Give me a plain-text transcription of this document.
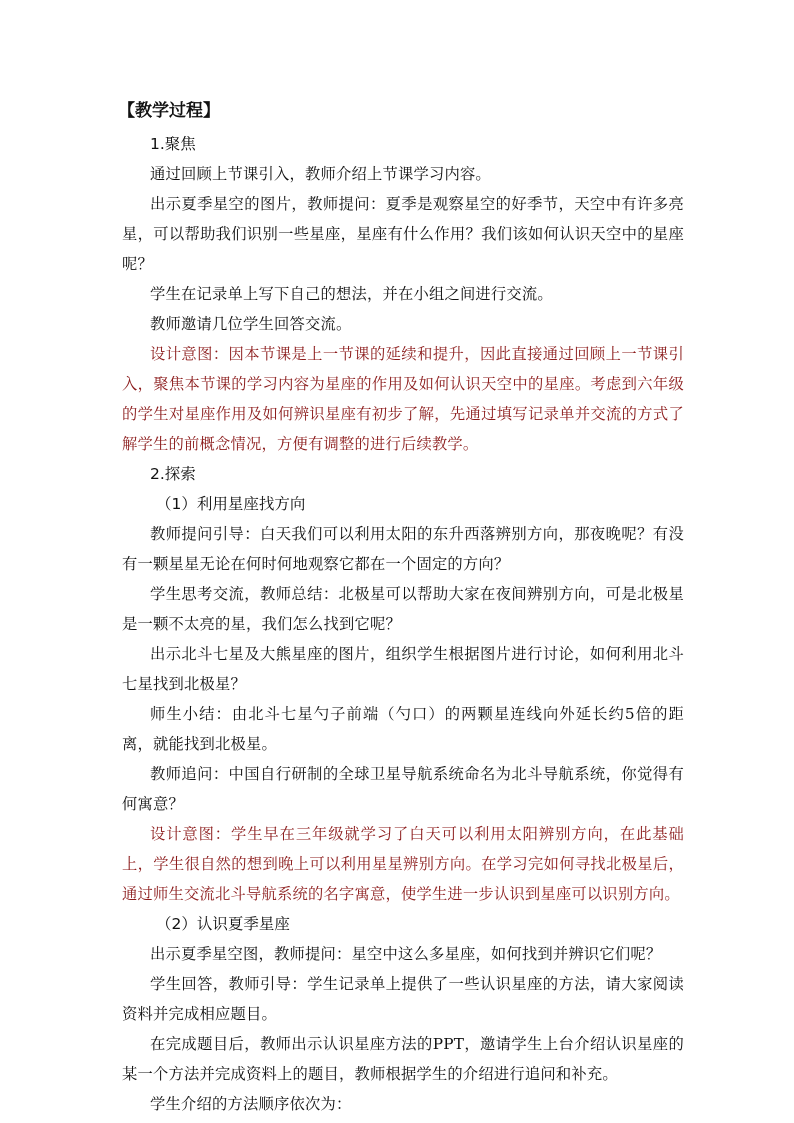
【教学过程】
1.聚焦

通过回顾上节课引入，教师介绍上节课学习内容。

出示夏季星空的图片，教师提问：夏季是观察星空的好季节，天空中有许多亮星，可以帮助我们识别一些星座，星座有什么作用？我们该如何认识天空中的星座呢？

学生在记录单上写下自己的想法，并在小组之间进行交流。

教师邀请几位学生回答交流。

设计意图：因本节课是上一节课的延续和提升，因此直接通过回顾上一节课引入，聚焦本节课的学习内容为星座的作用及如何认识天空中的星座。考虑到六年级的学生对星座作用及如何辨识星座有初步了解，先通过填写记录单并交流的方式了解学生的前概念情况，方便有调整的进行后续教学。

2.探索
（1）利用星座找方向

教师提问引导：白天我们可以利用太阳的东升西落辨别方向，那夜晚呢？有没有一颗星星无论在何时何地观察它都在一个固定的方向？

学生思考交流，教师总结：北极星可以帮助大家在夜间辨别方向，可是北极星是一颗不太亮的星，我们怎么找到它呢？

出示北斗七星及大熊星座的图片，组织学生根据图片进行讨论，如何利用北斗七星找到北极星？

师生小结：由北斗七星勺子前端（勺口）的两颗星连线向外延长约5倍的距离，就能找到北极星。

教师追问：中国自行研制的全球卫星导航系统命名为北斗导航系统，你觉得有何寓意？

设计意图：学生早在三年级就学习了白天可以利用太阳辨别方向，在此基础上，学生很自然的想到晚上可以利用星星辨别方向。在学习完如何寻找北极星后，通过师生交流北斗导航系统的名字寓意，使学生进一步认识到星座可以识别方向。

（2）认识夏季星座

出示夏季星空图，教师提问：星空中这么多星座，如何找到并辨识它们呢？

学生回答，教师引导：学生记录单上提供了一些认识星座的方法，请大家阅读资料并完成相应题目。

在完成题目后，教师出示认识星座方法的PPT，邀请学生上台介绍认识星座的某一个方法并完成资料上的题目，教师根据学生的介绍进行追问和补充。

学生介绍的方法顺序依次为：
